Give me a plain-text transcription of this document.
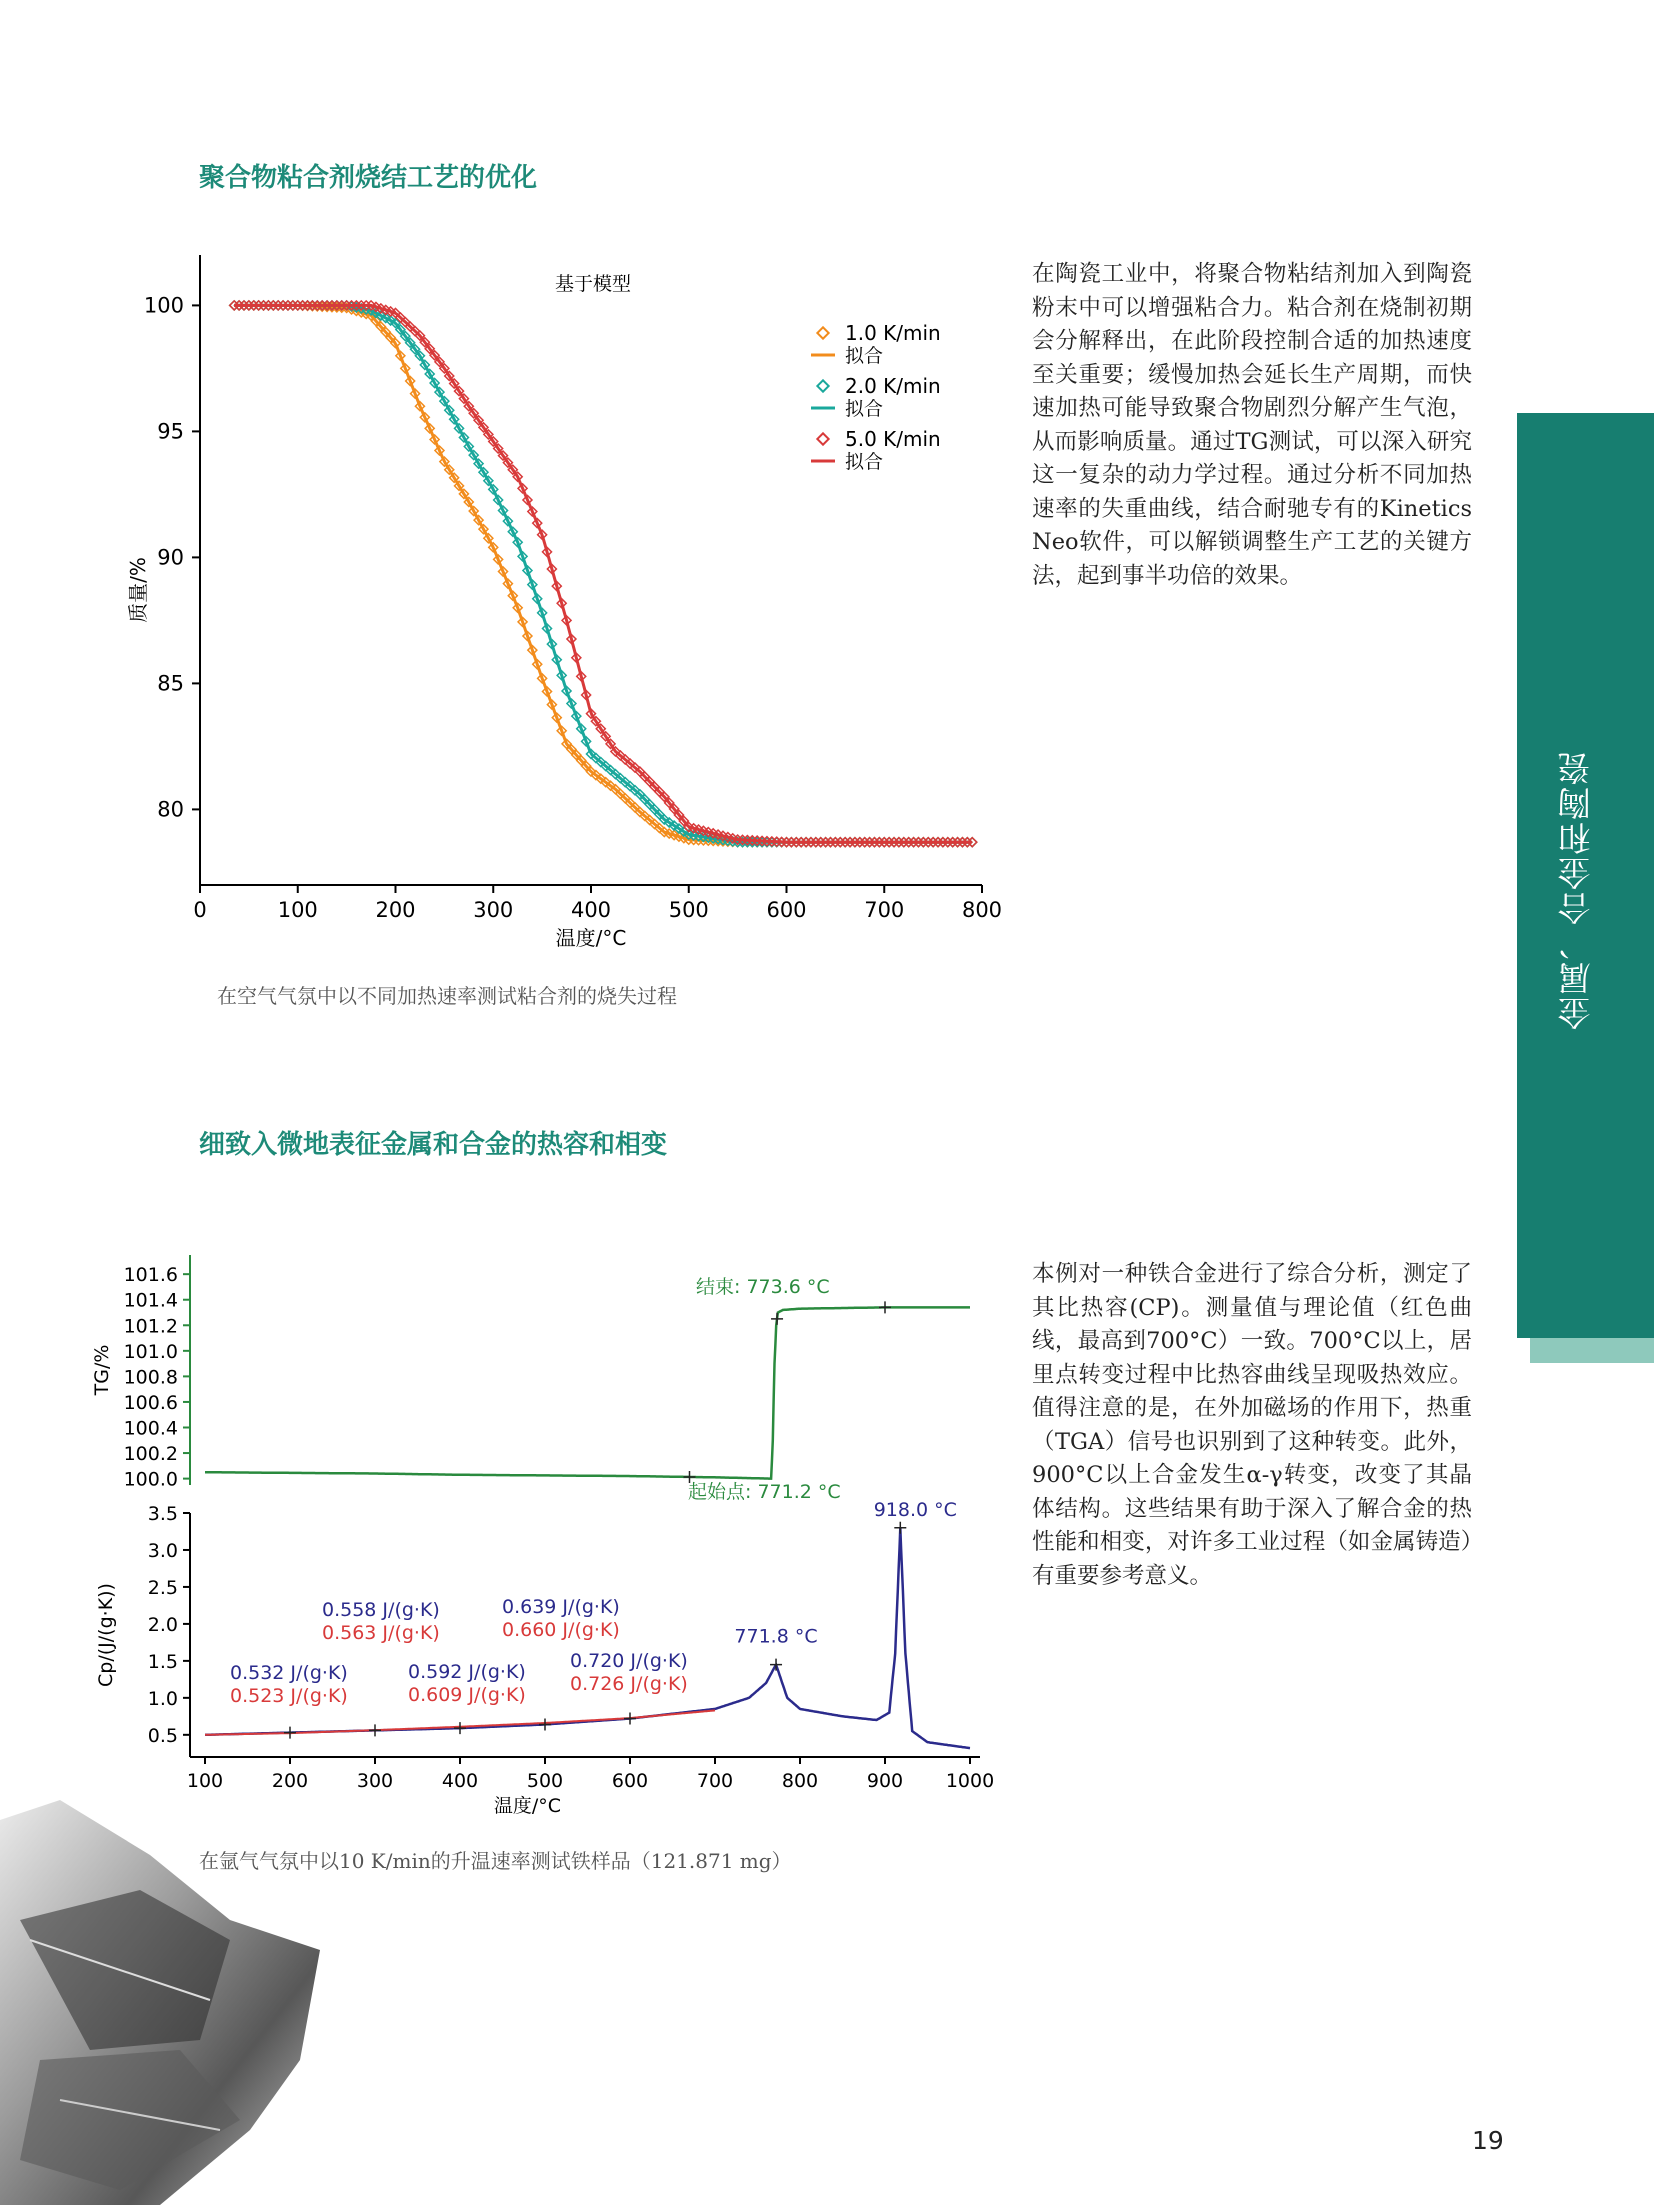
聚合物粘合剂烧结工艺的优化
细致入微地表征金属和合金的热容和相变

在陶瓷工业中，将聚合物粘结剂加入到陶瓷粉末中可以增强粘合力。粘合剂在烧制初期会分解释出，在此阶段控制合适的加热速度至关重要；缓慢加热会延长生产周期，而快速加热可能导致聚合物剧烈分解产生气泡，从而影响质量。通过TG测试，可以深入研究这一复杂的动力学过程。通过分析不同加热速率的失重曲线，结合耐驰专有的Kinetics Neo软件，可以解锁调整生产工艺的关键方法，起到事半功倍的效果。

本例对一种铁合金进行了综合分析，测定了其比热容(CP)。测量值与理论值（红色曲线，最高到700°C）一致。700°C以上，居里点转变过程中比热容曲线呈现吸热效应。值得注意的是，在外加磁场的作用下，热重（TGA）信号也识别到了这种转变。此外，900°C以上合金发生α-γ转变，改变了其晶体结构。这些结果有助于深入了解合金的热性能和相变，对许多工业过程（如金属铸造）有重要参考意义。

在空气气氛中以不同加热速率测试粘合剂的烧失过程

在氩气气氛中以10 K/min的升温速率测试铁样品（121.871 mg）

金属、合金和陶瓷
0	100	200	300	400	500	600	700	800
100
95
90
85
80
温度/°C
质量/%
基于模型
1.0 K/min
拟合
2.0 K/min
拟合
5.0 K/min
拟合
101.6
101.4
101.2
101.0
100.8
100.6
100.4
100.2
100.0
TG/%
3.5
3.0
2.5
2.0
1.5
1.0
0.5
100	200	300	400	500	600	700	800	900 1000
温度/°C
Cp/(J/(g·K))
结束: 773.6 °C
起始点: 771.2 °C
771.8 °C
918.0 °C
0.532 J/(g·K)
0.523 J/(g·K)
0.558 J/(g·K)
0.563 J/(g·K)
0.592 J/(g·K)
0.609 J/(g·K)
0.639 J/(g·K)
0.660 J/(g·K)
0.720 J/(g·K)
0.726 J/(g·K)
19
